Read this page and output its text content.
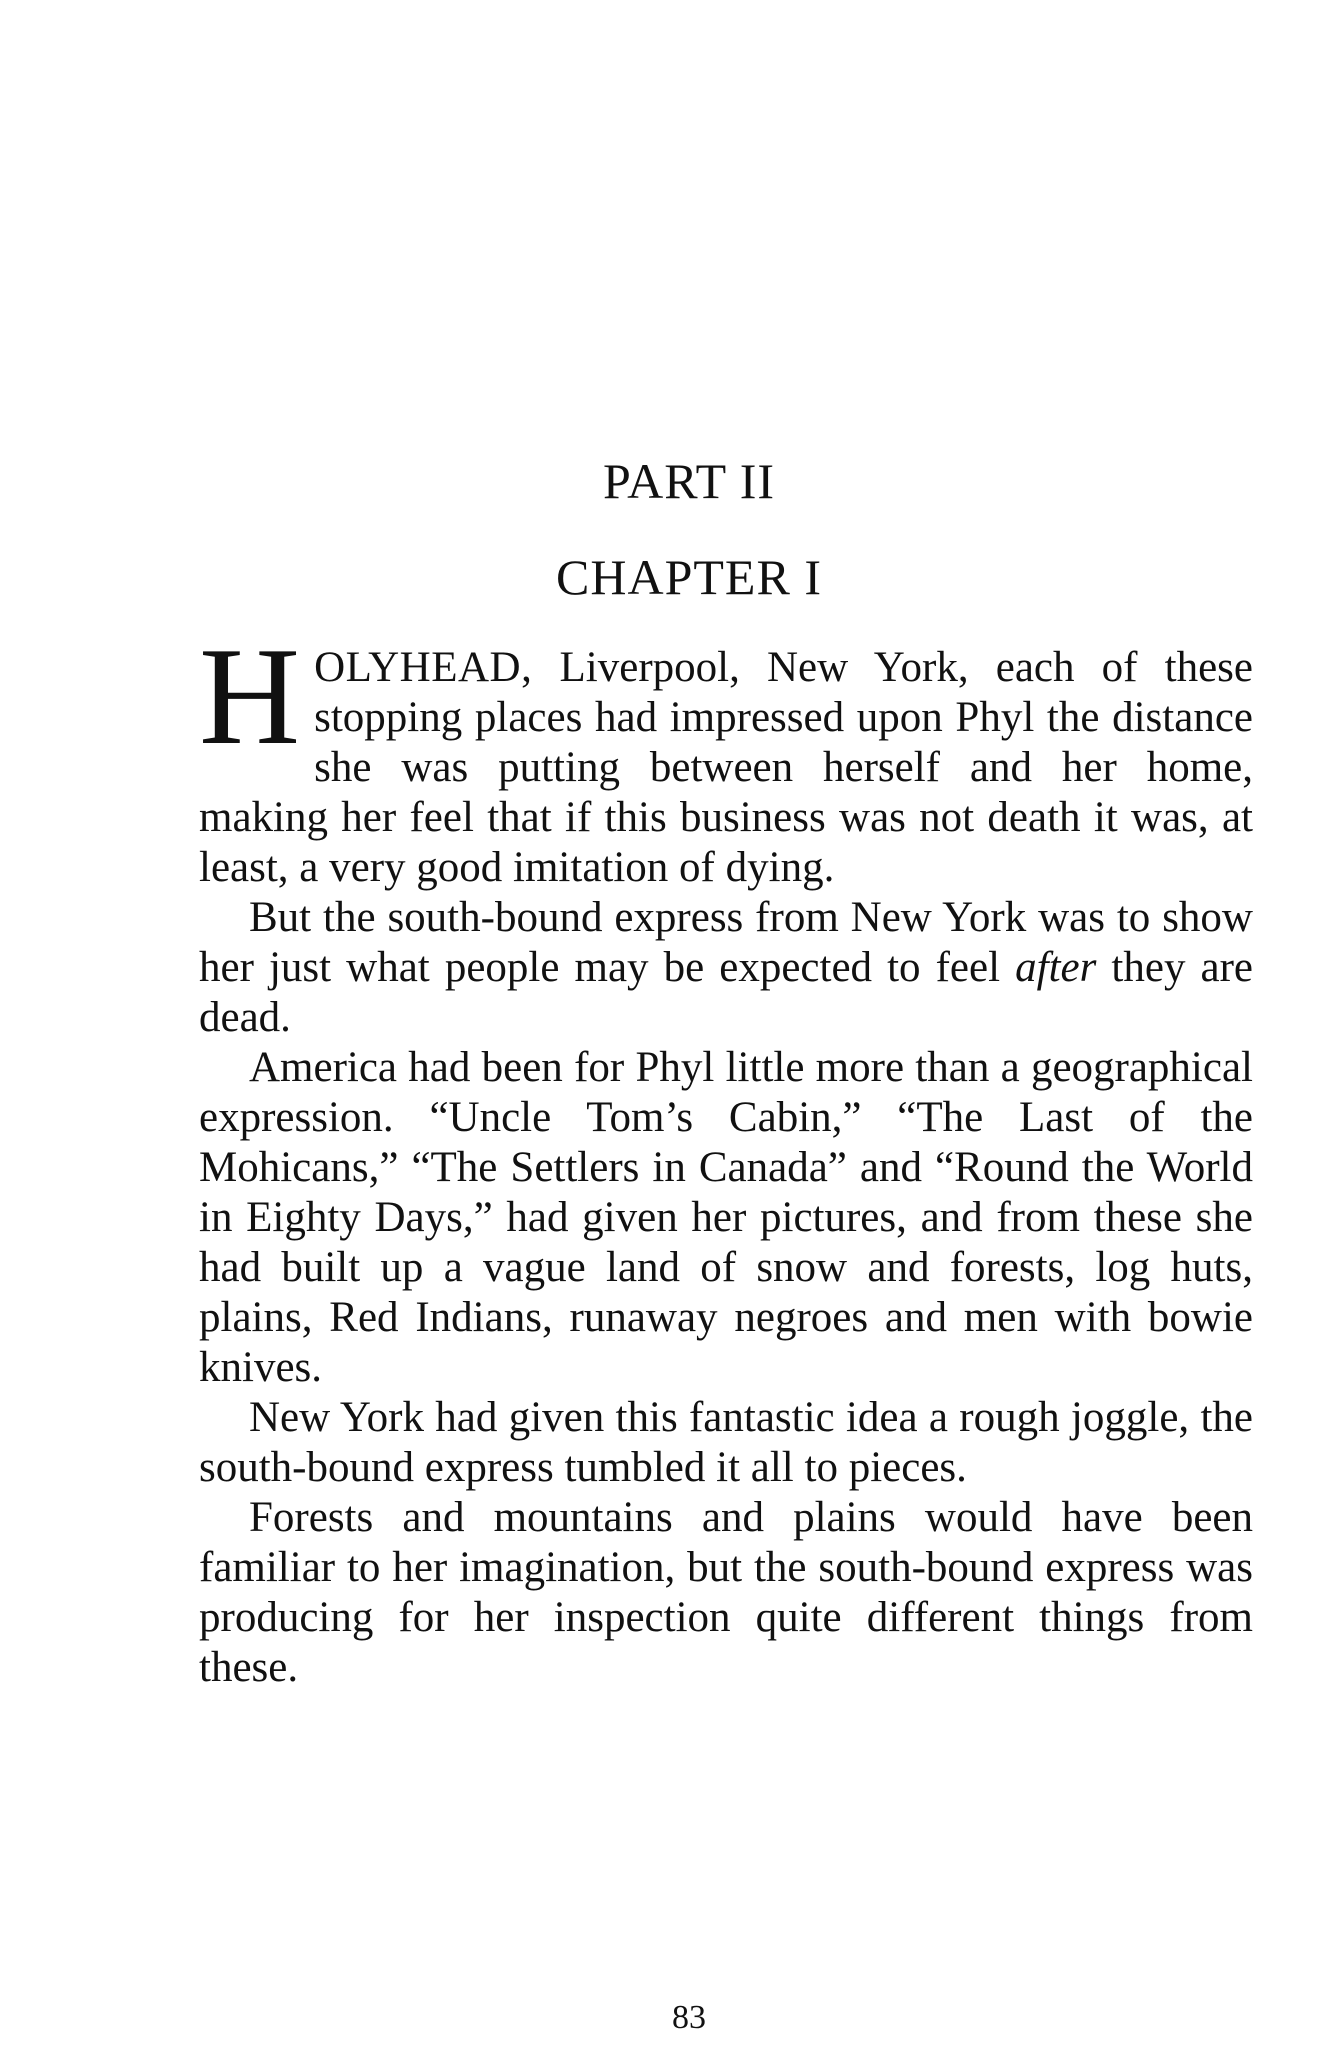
PART II
CHAPTER I

HOLYHEAD, Liverpool, New York, each of these stopping places had impressed upon Phyl the distance she was putting between herself and her home, making her feel that if this business was not death it was, at least, a very good imitation of dying.

But the south-bound express from New York was to show her just what people may be expected to feel after they are dead.

America had been for Phyl little more than a geographical expression. “Uncle Tom’s Cabin,” “The Last of the Mohicans,” “The Settlers in Canada” and “Round the World in Eighty Days,” had given her pictures, and from these she had built up a vague land of snow and forests, log huts, plains, Red Indians, runaway negroes and men with bowie knives.

New York had given this fantastic idea a rough joggle, the south-bound express tumbled it all to pieces.

Forests and mountains and plains would have been familiar to her imagination, but the south-bound express was producing for her inspection quite different things from these.

83
